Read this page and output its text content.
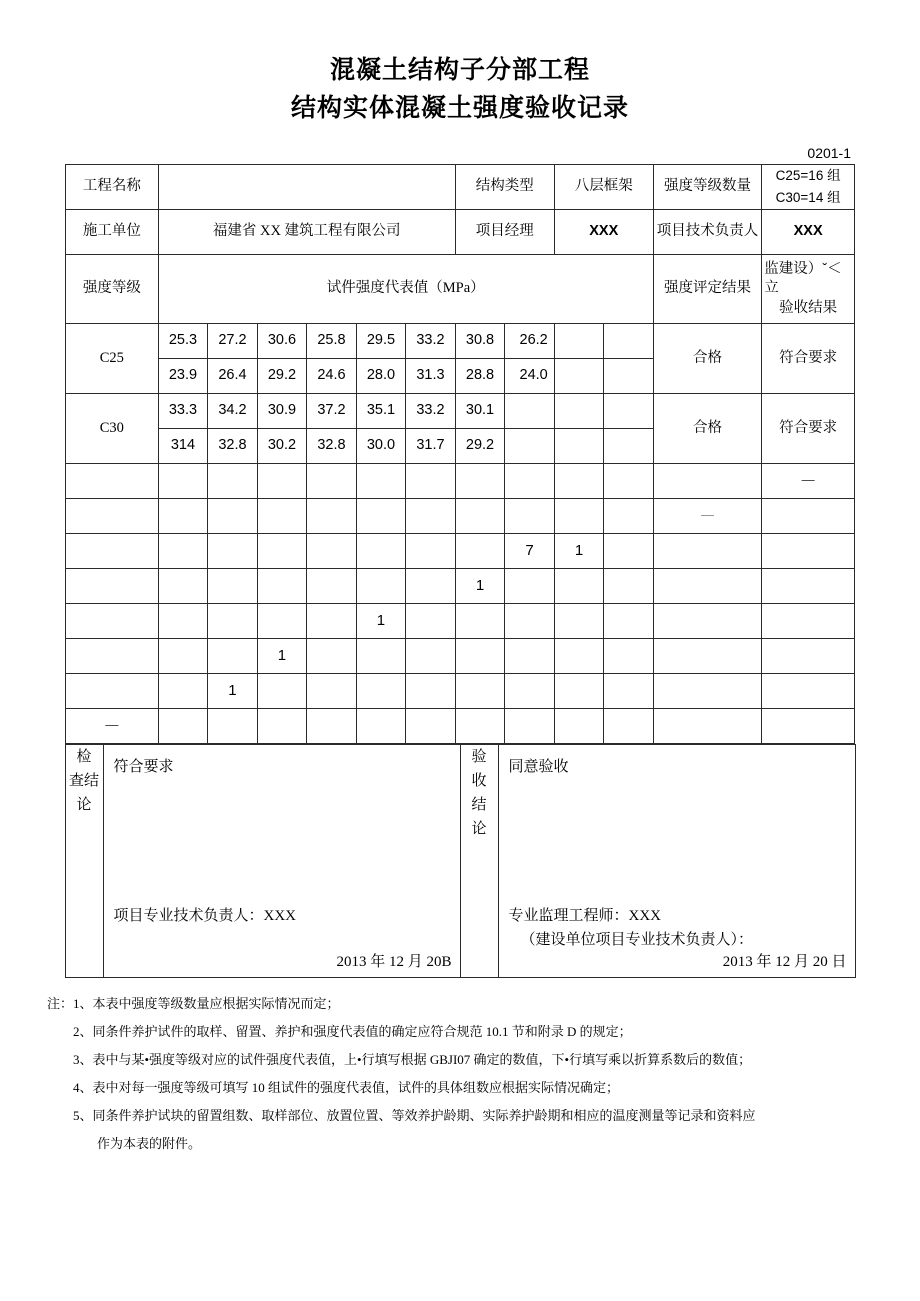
混凝土结构子分部工程
结构实体混凝土强度验收记录
0201-1
工程名称							结构类型		八层框架		强度等级数量	C25=16 组
C30=14 组

施工单位	福建省 XX 建筑工程有限公司						项目经理		XXX		项目技术负责人	XXX
强度等级	试件强度代表值（MPa）										强度评定结果	监建设）ˇ＜立
验收结果

C25	25.3	27.2	30.6	25.8	29.5	33.2	30.8	26.2			合格	符合要求
	23.9	26.4	29.2	24.6	28.0	31.3	28.8	24.0				
C30	33.3	34.2	30.9	37.2	35.1	33.2	30.1				合格	符合要求
	314	32.8	30.2	32.8	30.0	31.7	29.2					
												—
											—	
								7	1			
							1					
					1							
			1									
		1										
—												
检
查结
论

符合要求
项目专业技术负责人：XXX
2013 年 12 月 20B

验
收
结
论

同意验收
专业监理工程师：XXX
（建设单位项目专业技术负责人）：
2013 年 12 月 20 日
注：1、本表中强度等级数量应根据实际情况而定；
2、同条件养护试件的取样、留置、养护和强度代表值的确定应符合规范 10.1 节和附录 D 的规定；
3、表中与某•强度等级对应的试件强度代表值，上•行填写根据 GBJI07 确定的数值，下•行填写乘以折算系数后的数值；
4、表中对每一强度等级可填写 10 组试件的强度代表值，试件的具体组数应根据实际情况确定；
5、同条件养护试块的留置组数、取样部位、放置位置、等效养护龄期、实际养护龄期和相应的温度测量等记录和资料应
作为本表的附件。
